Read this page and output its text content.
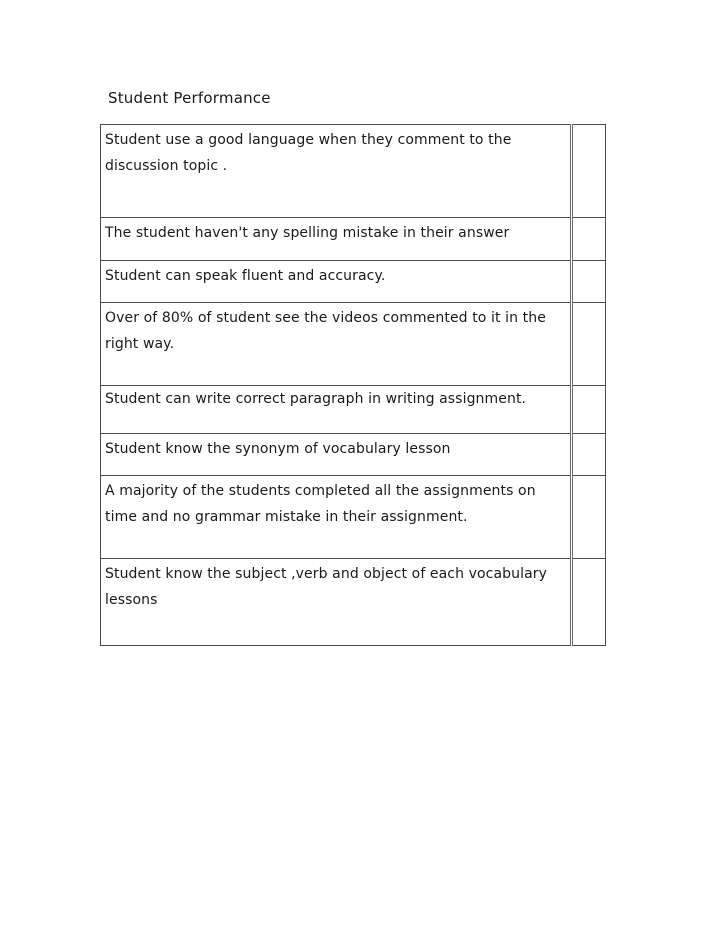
Student Performance
Student use a good language when they comment to the discussion topic .	

The student haven't any spelling mistake in their answer	

Student can speak fluent and accuracy.	

Over of 80% of student see the videos commented to it in the right way.	

Student can write correct paragraph in writing assignment.	

Student know the synonym of vocabulary lesson	

A majority of the students completed all the assignments on time and no grammar mistake in their assignment.	

Student know the subject ,verb and object of each vocabulary lessons	
